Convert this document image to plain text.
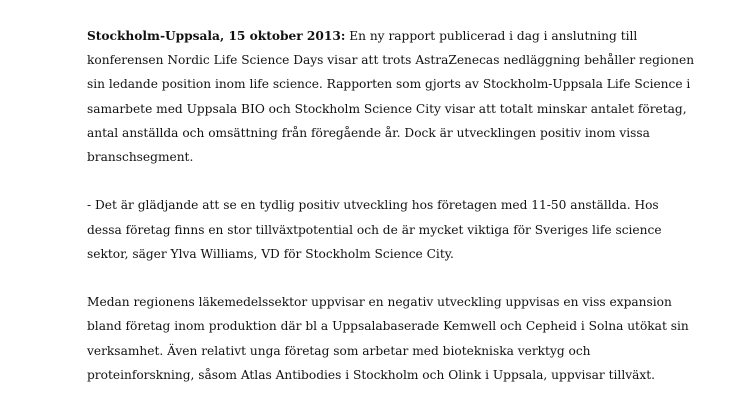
Stockholm-Uppsala, 15 oktober 2013: En ny rapport publicerad i dag i anslutning till
konferensen Nordic Life Science Days visar att trots AstraZenecas nedläggning behåller regionen
sin ledande position inom life science. Rapporten som gjorts av Stockholm-Uppsala Life Science i
samarbete med Uppsala BIO och Stockholm Science City visar att totalt minskar antalet företag,
antal anställda och omsättning från föregående år. Dock är utvecklingen positiv inom vissa
branschsegment.

- Det är glädjande att se en tydlig positiv utveckling hos företagen med 11-50 anställda. Hos
dessa företag finns en stor tillväxtpotential och de är mycket viktiga för Sveriges life science
sektor, säger Ylva Williams, VD för Stockholm Science City.

Medan regionens läkemedelssektor uppvisar en negativ utveckling uppvisas en viss expansion
bland företag inom produktion där bl a Uppsalabaserade Kemwell och Cepheid i Solna utökat sin
verksamhet. Även relativt unga företag som arbetar med biotekniska verktyg och
proteinforskning, såsom Atlas Antibodies i Stockholm och Olink i Uppsala, uppvisar tillväxt.
